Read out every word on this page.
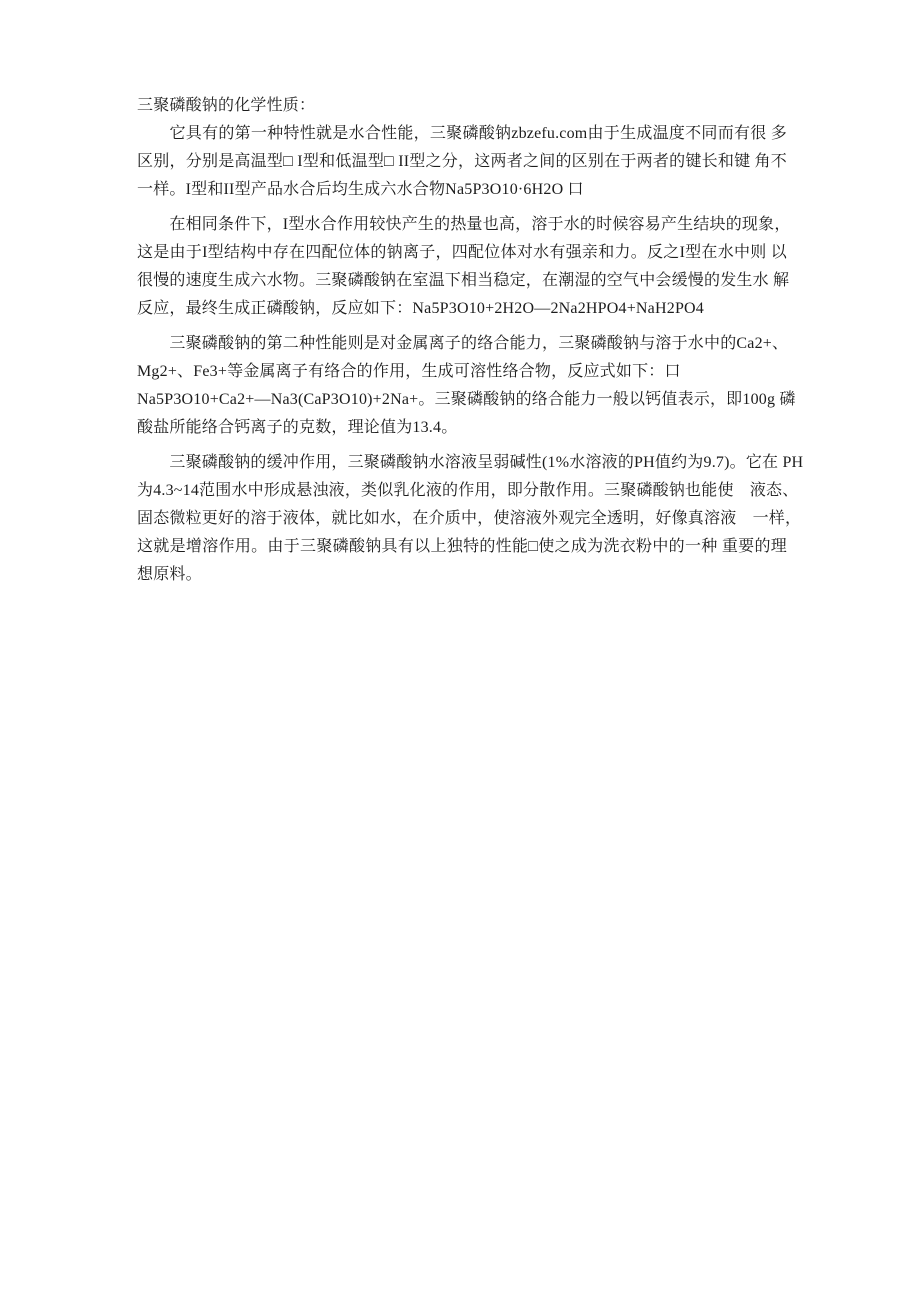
三聚磷酸钠的化学性质：
　　它具有的第一种特性就是水合性能，三聚磷酸钠zbzefu.com由于生成温度不同而有很 多
区别，分别是高温型□ I型和低温型□ II型之分，这两者之间的区别在于两者的键长和键 角不
一样。I型和II型产品水合后均生成六水合物Na5P3O10·6H2O 口
　　在相同条件下，I型水合作用较快产生的热量也高，溶于水的时候容易产生结块的现象，
这是由于I型结构中存在四配位体的钠离子，四配位体对水有强亲和力。反之I型在水中则 以
很慢的速度生成六水物。三聚磷酸钠在室温下相当稳定，在潮湿的空气中会缓慢的发生水 解
反应，最终生成正磷酸钠，反应如下：Na5P3O10+2H2O—2Na2HPO4+NaH2PO4
　　三聚磷酸钠的第二种性能则是对金属离子的络合能力，三聚磷酸钠与溶于水中的Ca2+、
Mg2+、Fe3+等金属离子有络合的作用，生成可溶性络合物，反应式如下：口
Na5P3O10+Ca2+—Na3(CaP3O10)+2Na+。三聚磷酸钠的络合能力一般以钙值表示，即100g 磷
酸盐所能络合钙离子的克数，理论值为13.4。
　　三聚磷酸钠的缓冲作用，三聚磷酸钠水溶液呈弱碱性(1%水溶液的PH值约为9.7)。它在 PH
为4.3~14范围水中形成悬浊液，类似乳化液的作用，即分散作用。三聚磷酸钠也能使　液态、
固态微粒更好的溶于液体，就比如水，在介质中，使溶液外观完全透明，好像真溶液　一样，
这就是增溶作用。由于三聚磷酸钠具有以上独特的性能□使之成为洗衣粉中的一种 重要的理
想原料。
